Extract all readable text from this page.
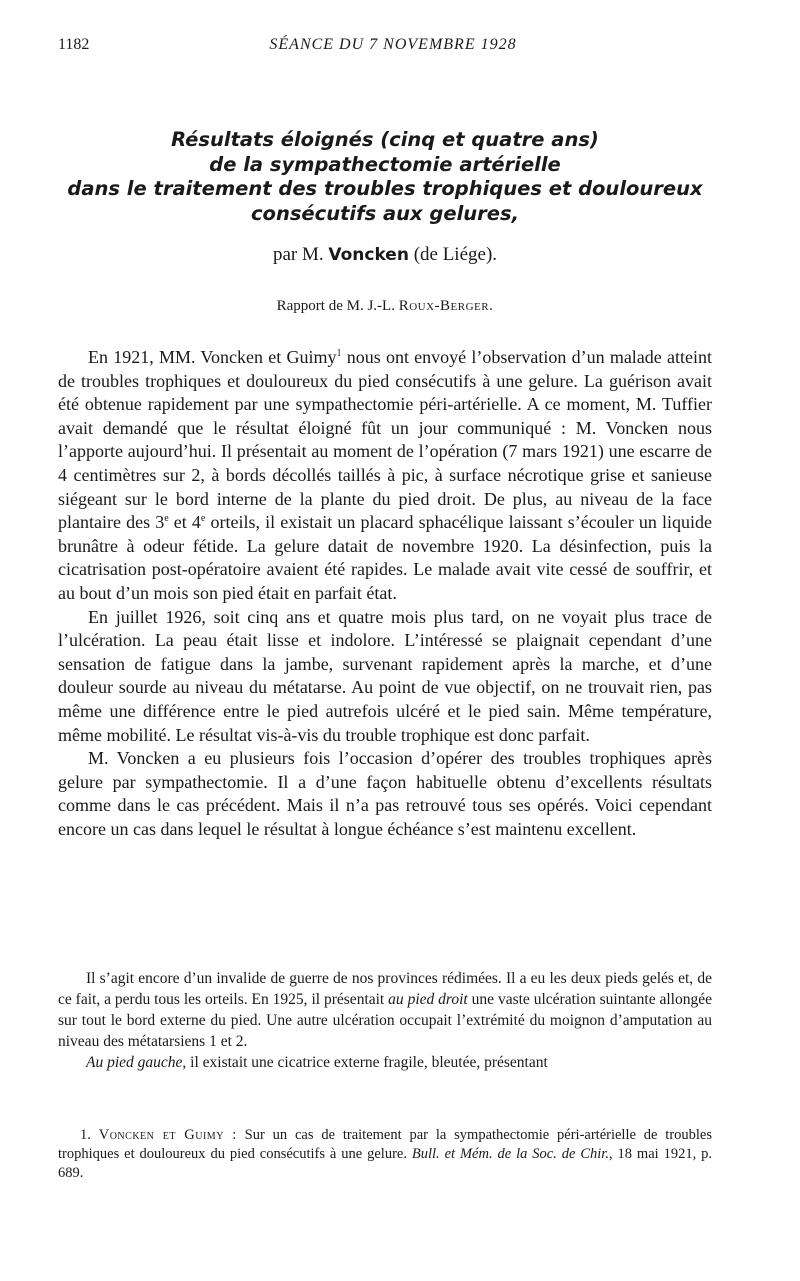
1182	SÉANCE DU 7 NOVEMBRE 1928
Résultats éloignés (cinq et quatre ans)
de la sympathectomie artérielle
dans le traitement des troubles trophiques et douloureux
consécutifs aux gelures,
par M. Voncken (de Liége).
Rapport de M. J.-L. Roux-Berger.

En 1921, MM. Voncken et Guimy$^1$ nous ont envoyé l’observation d’un malade atteint de troubles trophiques et douloureux du pied consécutifs à une gelure. La guérison avait été obtenue rapidement par une sympathectomie péri-artérielle. A ce moment, M. Tuffier avait demandé que le résultat éloigné fût un jour communiqué : M. Voncken nous l’apporte aujourd’hui. Il présentait au moment de l’opération (7 mars 1921) une escarre de 4 centimètres sur 2, à bords décollés taillés à pic, à surface nécrotique grise et sanieuse siégeant sur le bord interne de la plante du pied droit. De plus, au niveau de la face plantaire des 3e et 4e orteils, il existait un placard sphacélique laissant s’écouler un liquide brunâtre à odeur fétide. La gelure datait de novembre 1920. La désinfection, puis la cicatrisation post-opératoire avaient été rapides. Le malade avait vite cessé de souffrir, et au bout d’un mois son pied était en parfait état.

En juillet 1926, soit cinq ans et quatre mois plus tard, on ne voyait plus trace de l’ulcération. La peau était lisse et indolore. L’intéressé se plaignait cependant d’une sensation de fatigue dans la jambe, survenant rapidement après la marche, et d’une douleur sourde au niveau du métatarse. Au point de vue objectif, on ne trouvait rien, pas même une différence entre le pied autrefois ulcéré et le pied sain. Même température, même mobilité. Le résultat vis-à-vis du trouble trophique est donc parfait.

M. Voncken a eu plusieurs fois l’occasion d’opérer des troubles trophiques après gelure par sympathectomie. Il a d’une façon habituelle obtenu d’excellents résultats comme dans le cas précédent. Mais il n’a pas retrouvé tous ses opérés. Voici cependant encore un cas dans lequel le résultat à longue échéance s’est maintenu excellent.

Il s’agit encore d’un invalide de guerre de nos provinces rédimées. Il a eu les deux pieds gelés et, de ce fait, a perdu tous les orteils. En 1925, il présentait au pied droit une vaste ulcération suintante allongée sur tout le bord externe du pied. Une autre ulcération occupait l’extrémité du moignon d’amputation au niveau des métatarsiens 1 et 2.

Au pied gauche, il existait une cicatrice externe fragile, bleutée, présentant

1. Voncken et Guimy : Sur un cas de traitement par la sympathectomie péri-artérielle de troubles trophiques et douloureux du pied consécutifs à une gelure. Bull. et Mém. de la Soc. de Chir., 18 mai 1921, p. 689.
